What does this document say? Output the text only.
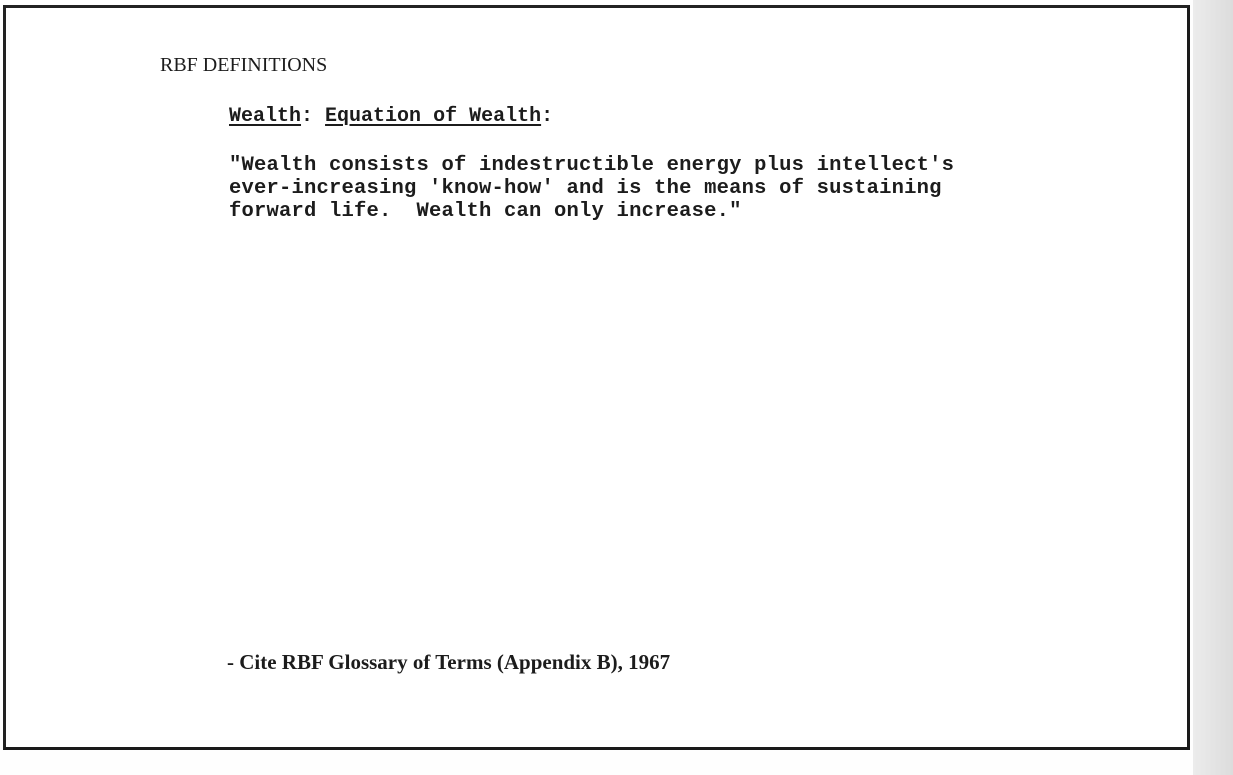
RBF DEFINITIONS
Wealth: Equation of Wealth:
"Wealth consists of indestructible energy plus intellect's
ever-increasing 'know-how' and is the means of sustaining
forward life.  Wealth can only increase."
- Cite RBF Glossary of Terms (Appendix B), 1967
